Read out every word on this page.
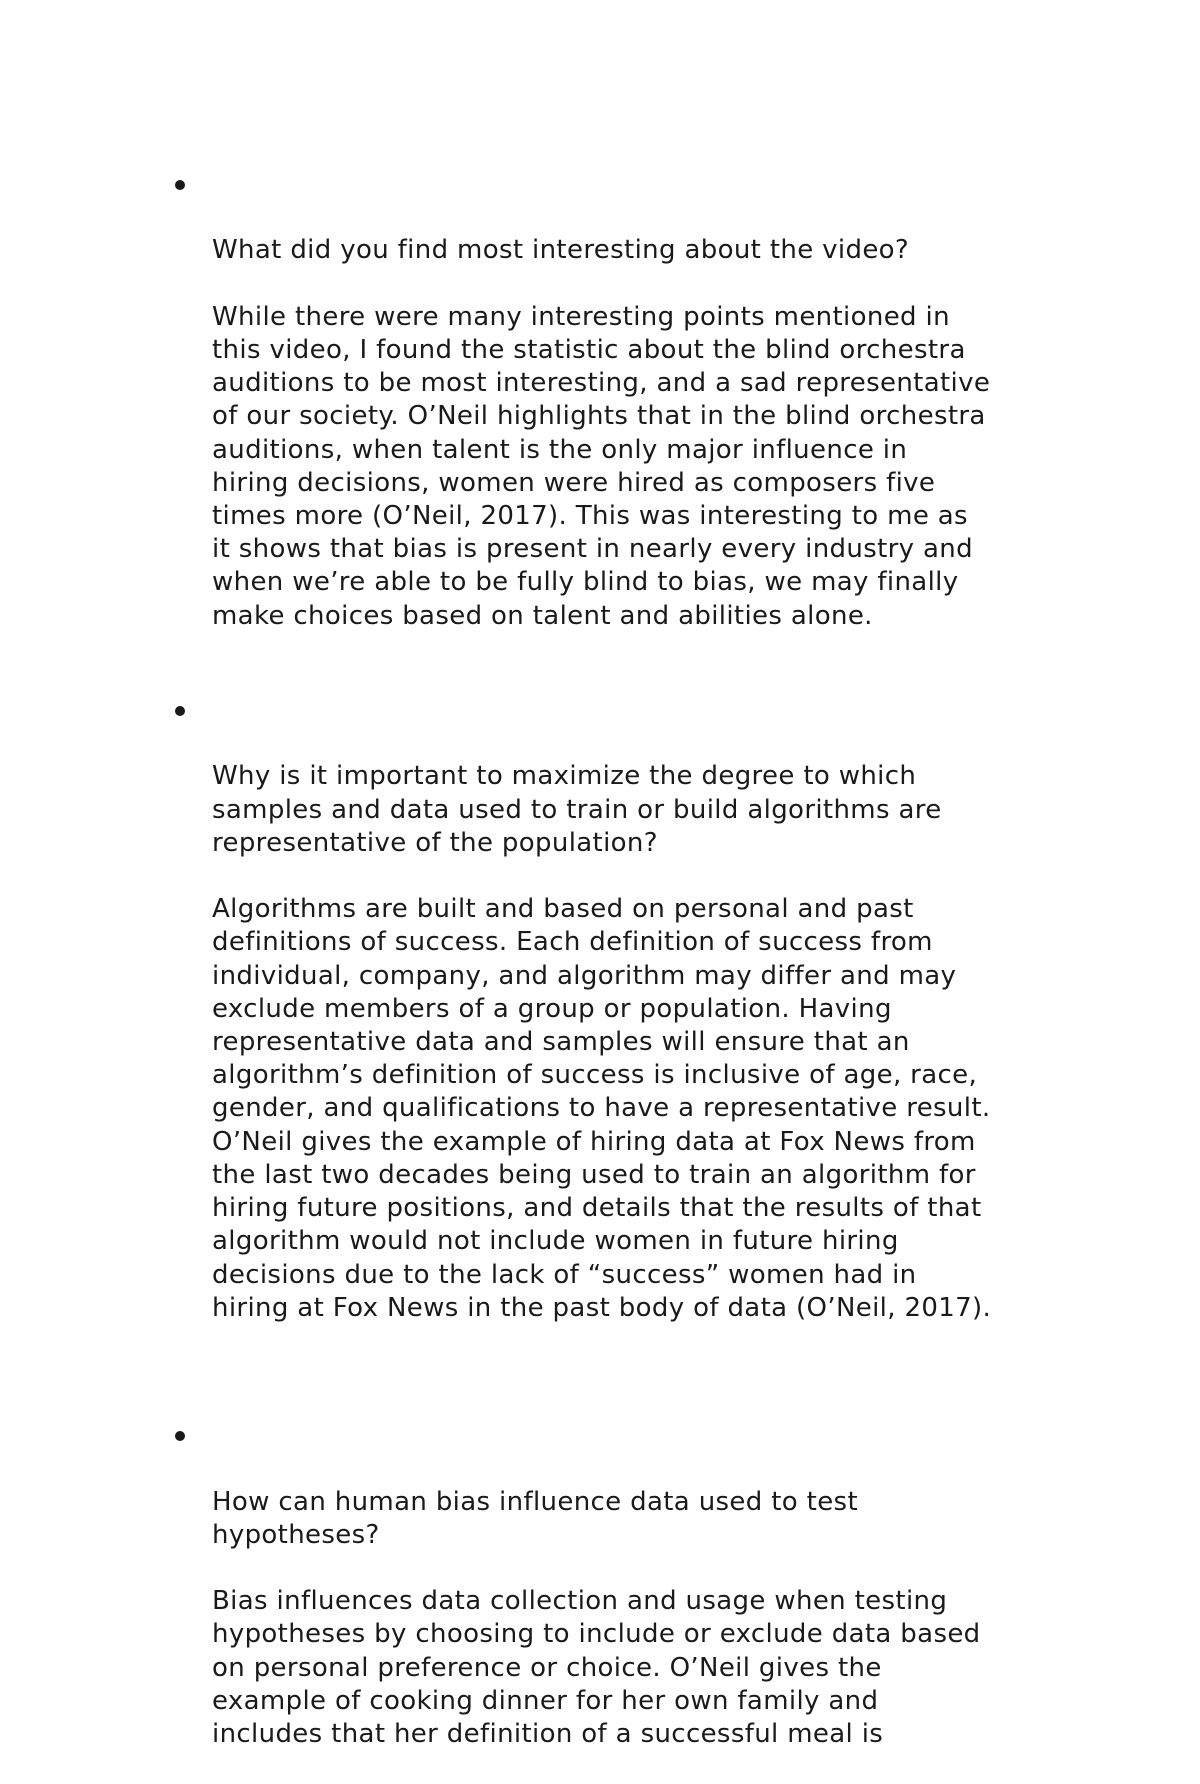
What did you find most interesting about the video?

While there were many interesting points mentioned in
this video, I found the statistic about the blind orchestra
auditions to be most interesting, and a sad representative
of our society. O’Neil highlights that in the blind orchestra
auditions, when talent is the only major influence in
hiring decisions, women were hired as composers five
times more (O’Neil, 2017). This was interesting to me as
it shows that bias is present in nearly every industry and
when we’re able to be fully blind to bias, we may finally
make choices based on talent and abilities alone.

Why is it important to maximize the degree to which
samples and data used to train or build algorithms are
representative of the population?

Algorithms are built and based on personal and past
definitions of success. Each definition of success from
individual, company, and algorithm may differ and may
exclude members of a group or population. Having
representative data and samples will ensure that an
algorithm’s definition of success is inclusive of age, race,
gender, and qualifications to have a representative result.
O’Neil gives the example of hiring data at Fox News from
the last two decades being used to train an algorithm for
hiring future positions, and details that the results of that
algorithm would not include women in future hiring
decisions due to the lack of “success” women had in
hiring at Fox News in the past body of data (O’Neil, 2017).

How can human bias influence data used to test
hypotheses?

Bias influences data collection and usage when testing
hypotheses by choosing to include or exclude data based
on personal preference or choice. O’Neil gives the
example of cooking dinner for her own family and
includes that her definition of a successful meal is
